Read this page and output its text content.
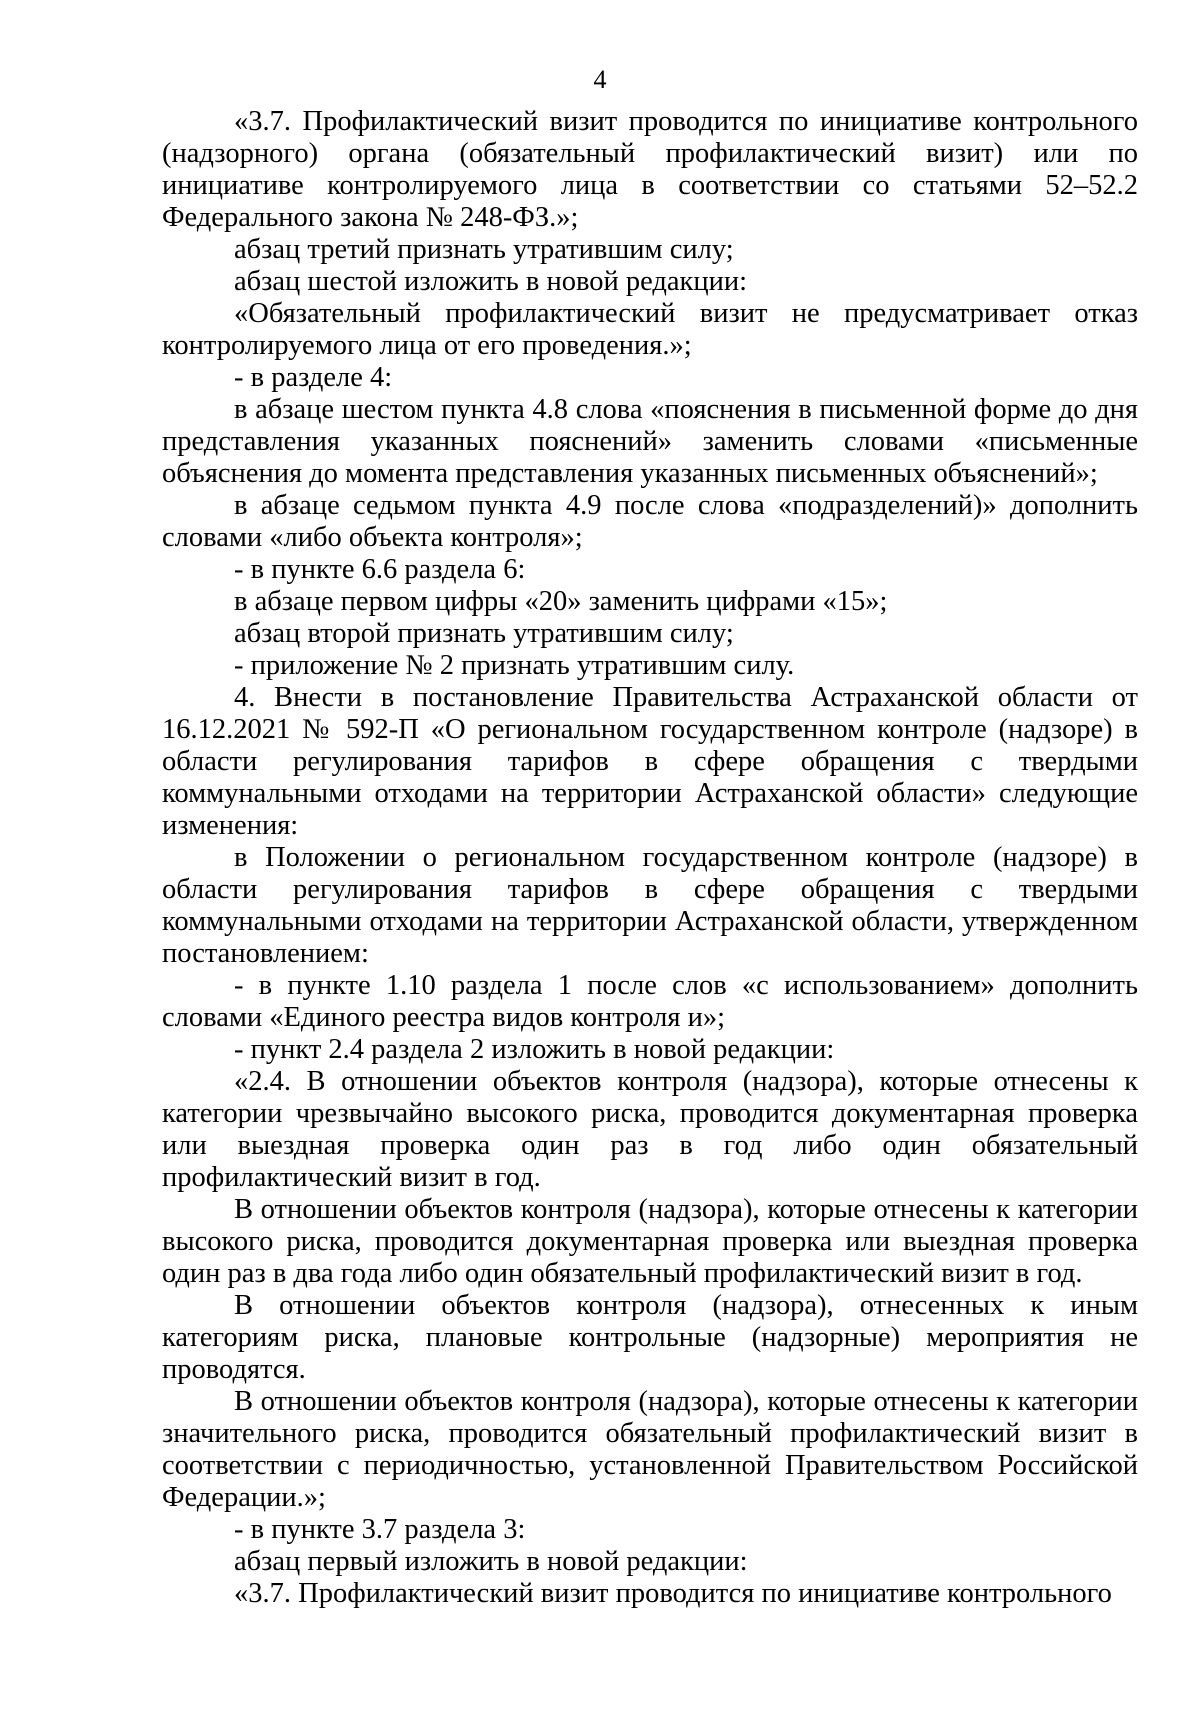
4

«3.7. Профилактический визит проводится по инициативе контрольного (надзорного) органа (обязательный профилактический визит) или по инициативе контролируемого лица в соответствии со статьями 52–52.2 Федерального закона № 248-ФЗ.»;

абзац третий признать утратившим силу;

абзац шестой изложить в новой редакции:

«Обязательный профилактический визит не предусматривает отказ контролируемого лица от его проведения.»;

- в разделе 4:

в абзаце шестом пункта 4.8 слова «пояснения в письменной форме до дня представления указанных пояснений» заменить словами «письменные объяснения до момента представления указанных письменных объяснений»;

в абзаце седьмом пункта 4.9 после слова «подразделений)» дополнить словами «либо объекта контроля»;

- в пункте 6.6 раздела 6:

в абзаце первом цифры «20» заменить цифрами «15»;

абзац второй признать утратившим силу;

- приложение № 2 признать утратившим силу.

4. Внести в постановление Правительства Астраханской области от 16.12.2021 № 592-П «О региональном государственном контроле (надзоре) в области регулирования тарифов в сфере обращения с твердыми коммунальными отходами на территории Астраханской области» следующие изменения:

в Положении о региональном государственном контроле (надзоре) в области регулирования тарифов в сфере обращения с твердыми коммунальными отходами на территории Астраханской области, утвержденном постановлением:

- в пункте 1.10 раздела 1 после слов «с использованием» дополнить словами «Единого реестра видов контроля и»;

- пункт 2.4 раздела 2 изложить в новой редакции:

«2.4. В отношении объектов контроля (надзора), которые отнесены к категории чрезвычайно высокого риска, проводится документарная проверка или выездная проверка один раз в год либо один обязательный профилактический визит в год.

В отношении объектов контроля (надзора), которые отнесены к категории высокого риска, проводится документарная проверка или выездная проверка один раз в два года либо один обязательный профилактический визит в год.

В отношении объектов контроля (надзора), отнесенных к иным категориям риска, плановые контрольные (надзорные) мероприятия не проводятся.

В отношении объектов контроля (надзора), которые отнесены к категории значительного риска, проводится обязательный профилактический визит в соответствии с периодичностью, установленной Правительством Российской Федерации.»;

- в пункте 3.7 раздела 3:

абзац первый изложить в новой редакции:

«3.7. Профилактический визит проводится по инициативе контрольного
